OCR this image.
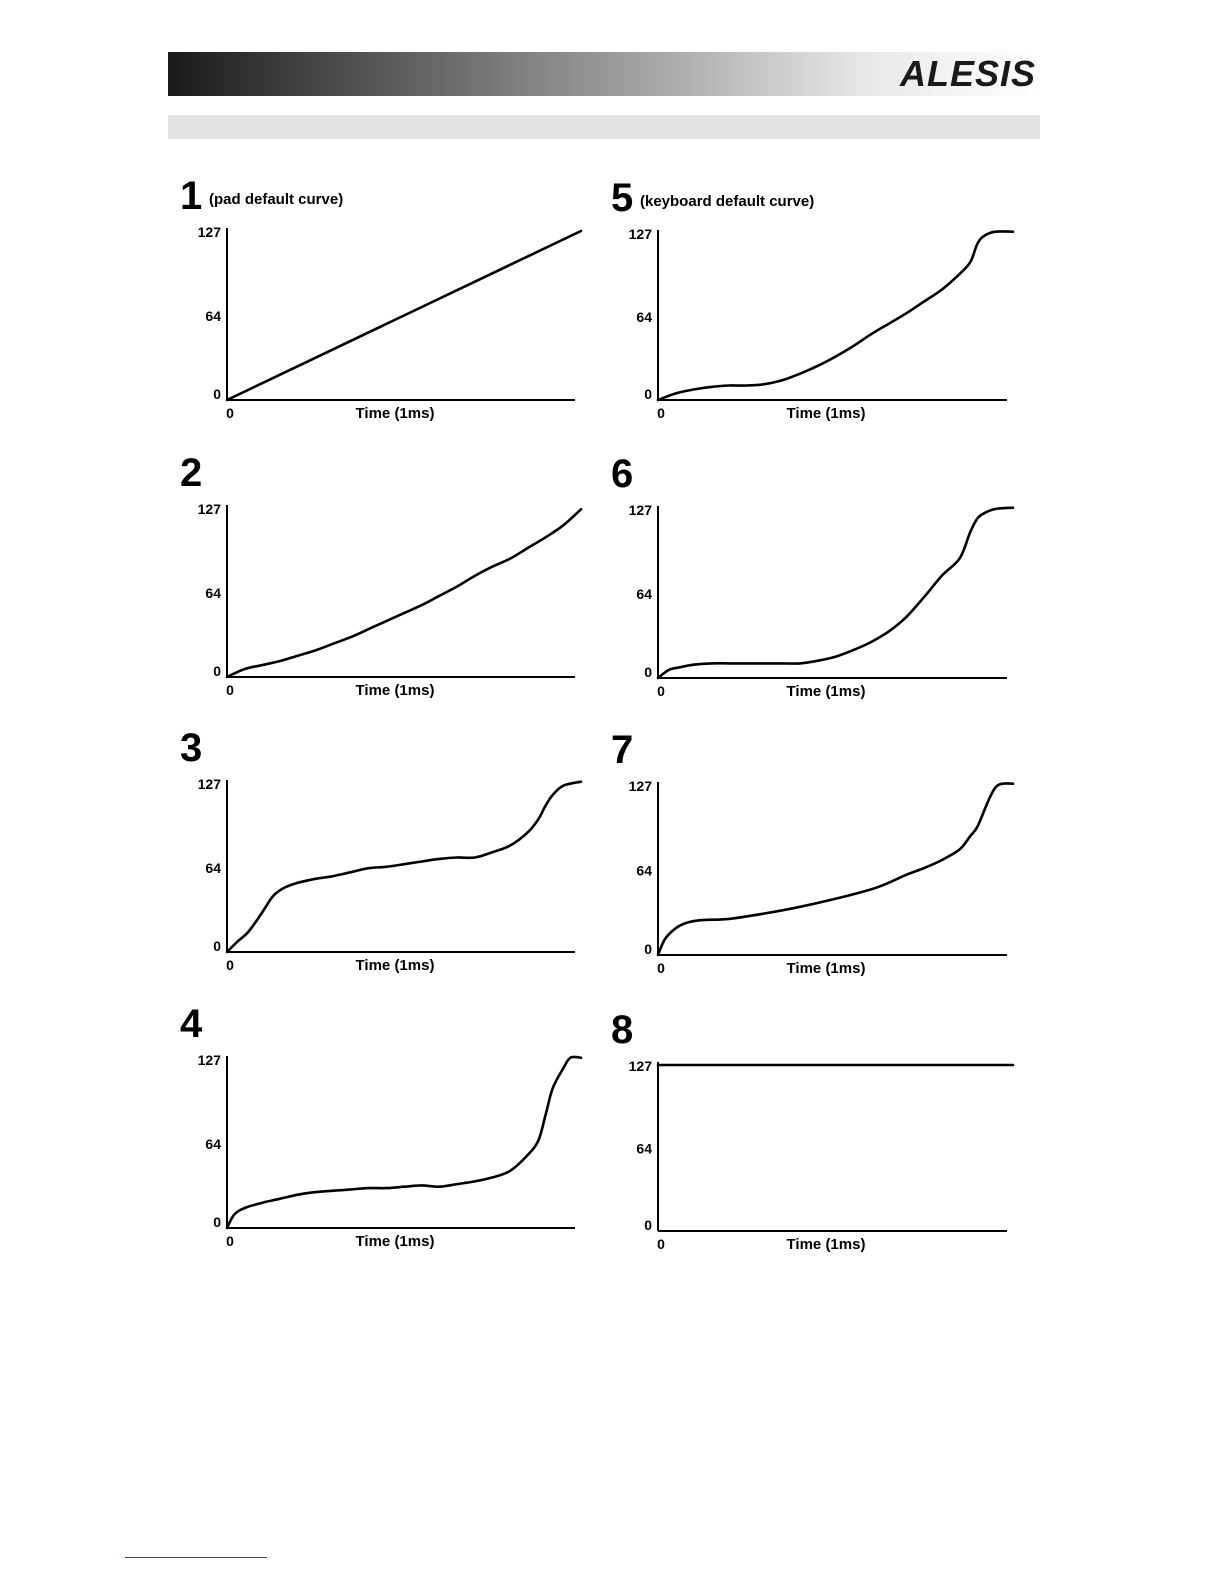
ALESIS
1 (pad default curve)
0
64
127
0	Time (1ms)
5 (keyboard default curve)
0
64
127
0	Time (1ms)
2
0
64
127
0	Time (1ms)
6
0
64
127
0	Time (1ms)
3
0
64
127
0	Time (1ms)
7
0
64
127
0	Time (1ms)
4
0
64
127
0	Time (1ms)
8
0
64
127
0	Time (1ms)
